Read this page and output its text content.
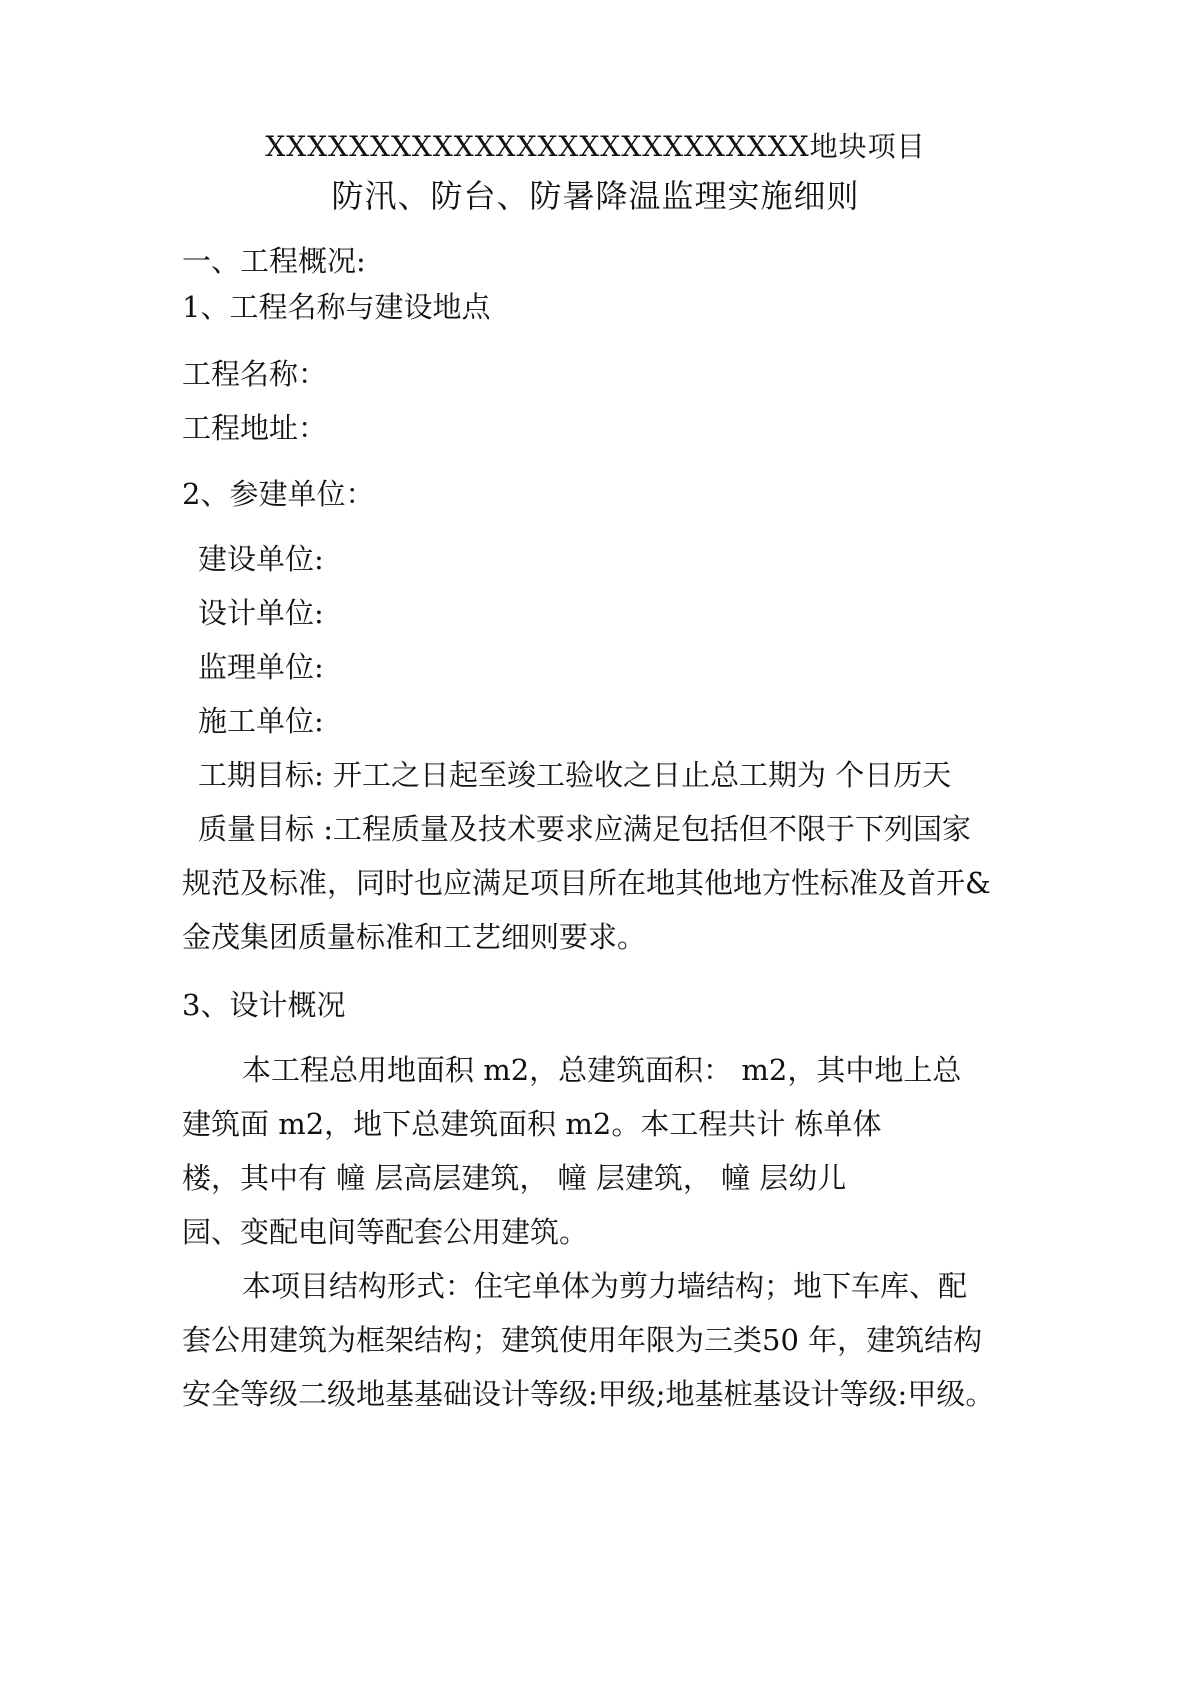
XXXXXXXXXXXXXXXXXXXXXXXXXX地块项目
防汛、防台、防暑降温监理实施细则
一、工程概况:
1、工程名称与建设地点
工程名称：
工程地址：
2、参建单位：
建设单位:
设计单位:
监理单位:
施工单位:
工期目标: 开工之日起至竣工验收之日止总工期为 个日历天
质量目标 :工程质量及技术要求应满足包括但不限于下列国家
规范及标准，同时也应满足项目所在地其他地方性标准及首开&
金茂集团质量标准和工艺细则要求。
3、设计概况
本工程总用地面积 m2，总建筑面积： m2，其中地上总
建筑面 m2，地下总建筑面积 m2。本工程共计 栋单体
楼，其中有 幢 层高层建筑， 幢 层建筑， 幢 层幼儿
园、变配电间等配套公用建筑。
本项目结构形式：住宅单体为剪力墙结构；地下车库、配
套公用建筑为框架结构；建筑使用年限为三类50 年，建筑结构
安全等级二级地基基础设计等级:甲级;地基桩基设计等级:甲级。
